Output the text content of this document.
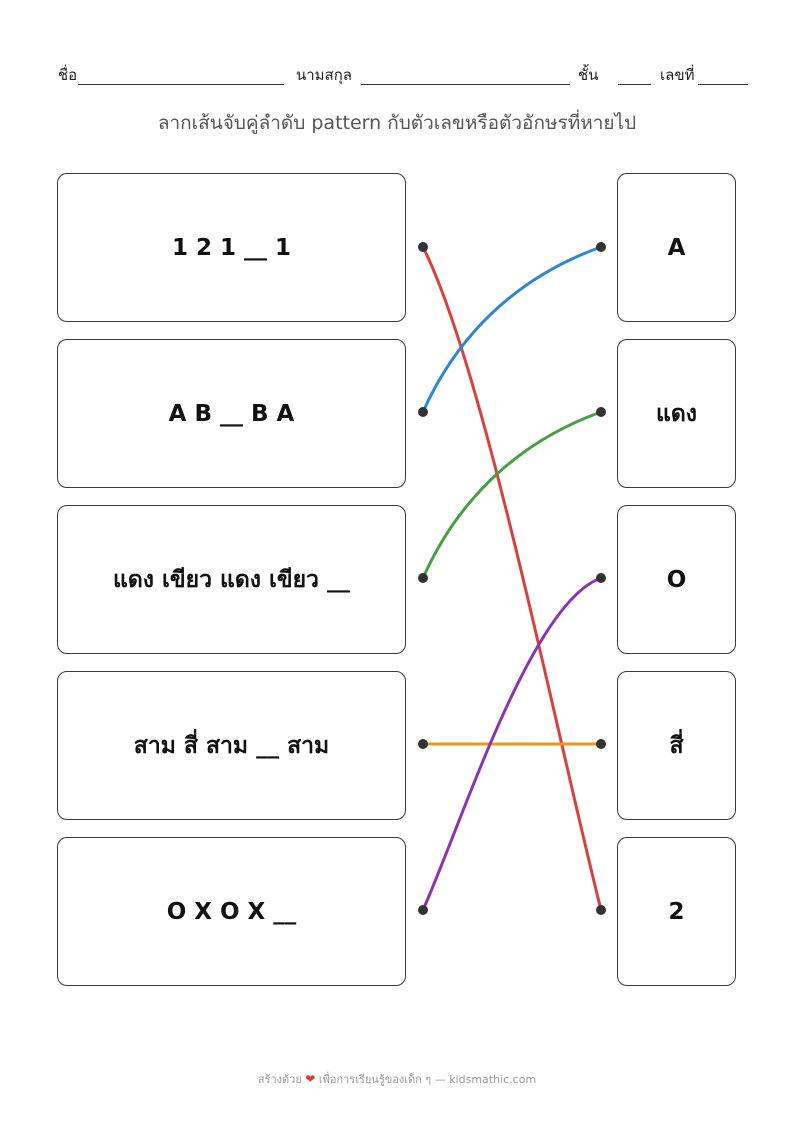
ชื่อ	นามสกุล	ชั้น	เลขที่
ลากเส้นจับคู่ลำดับ pattern กับตัวเลขหรือตัวอักษรที่หายไป
1 2 1 __ 1
A B __ B A
แดง เขียว แดง เขียว __
สาม สี่ สาม __ สาม
O X O X __
A
แดง
O
สี่
2
สร้างด้วย ❤ เพื่อการเรียนรู้ของเด็ก ๆ — kidsmathic.com
